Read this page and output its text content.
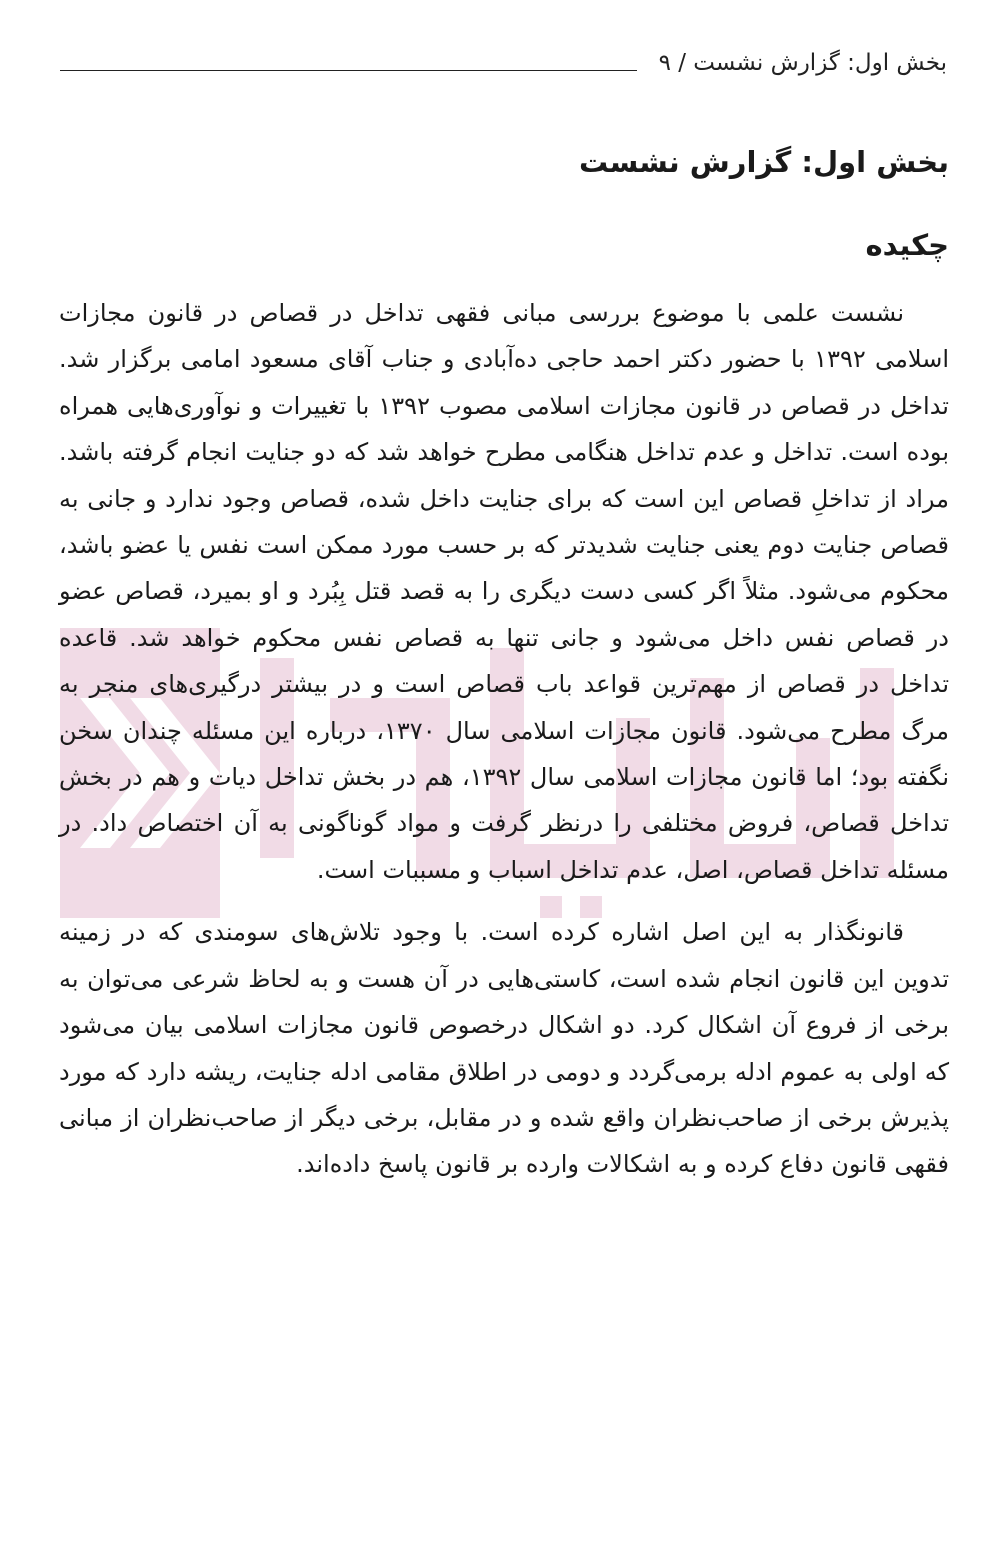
بخش اول: گزارش نشست / ۹
بخش اول: گزارش نشست
چکیده

نشست علمی با موضوع بررسی مبانی فقهی تداخل در قصاص در قانون مجازات اسلامی ۱۳۹۲ با حضور دکتر احمد حاجی ده‌آبادی و جناب آقای مسعود امامی برگزار شد. تداخل در قصاص در قانون مجازات اسلامی مصوب ۱۳۹۲ با تغییرات و نوآوری‌هایی همراه بوده است. تداخل و عدم تداخل هنگامی مطرح خواهد شد که دو جنایت انجام گرفته باشد. مراد از تداخلِ قصاص این است که برای جنایت داخل شده، قصاص وجود ندارد و جانی به قصاص جنایت دوم یعنی جنایت شدیدتر که بر حسب مورد ممکن است نفس یا عضو باشد، محکوم می‌شود. مثلاً اگر کسی دست دیگری را به قصد قتل بِبُرد و او بمیرد، قصاص عضو در قصاص نفس داخل می‌شود و جانی تنها به قصاص نفس محکوم خواهد شد. قاعده تداخل در قصاص از مهم‌ترین قواعد باب قصاص است و در بیشتر درگیری‌های منجر به مرگ مطرح می‌شود. قانون مجازات اسلامی سال ۱۳۷۰، درباره این مسئله چندان سخن نگفته بود؛ اما قانون مجازات اسلامی سال ۱۳۹۲، هم در بخش تداخل دیات و هم در بخش تداخل قصاص، فروض مختلفی را درنظر گرفت و مواد گوناگونی به آن اختصاص داد. در مسئله تداخل قصاص، اصل، عدم تداخل اسباب و مسببات است.

قانونگذار به این اصل اشاره کرده است. با وجود تلاش‌های سومندی که در زمینه تدوین این قانون انجام شده است، کاستی‌هایی در آن هست و به لحاظ شرعی می‌توان به برخی از فروع آن اشکال کرد. دو اشکال درخصوص قانون مجازات اسلامی بیان می‌شود که اولی به عموم ادله برمی‌گردد و دومی در اطلاق مقامی ادله جنایت، ریشه دارد که مورد پذیرش برخی از صاحب‌نظران واقع شده و در مقابل، برخی دیگر از صاحب‌نظران از مبانی فقهی قانون دفاع کرده و به اشکالات وارده بر قانون پاسخ داده‌اند.
